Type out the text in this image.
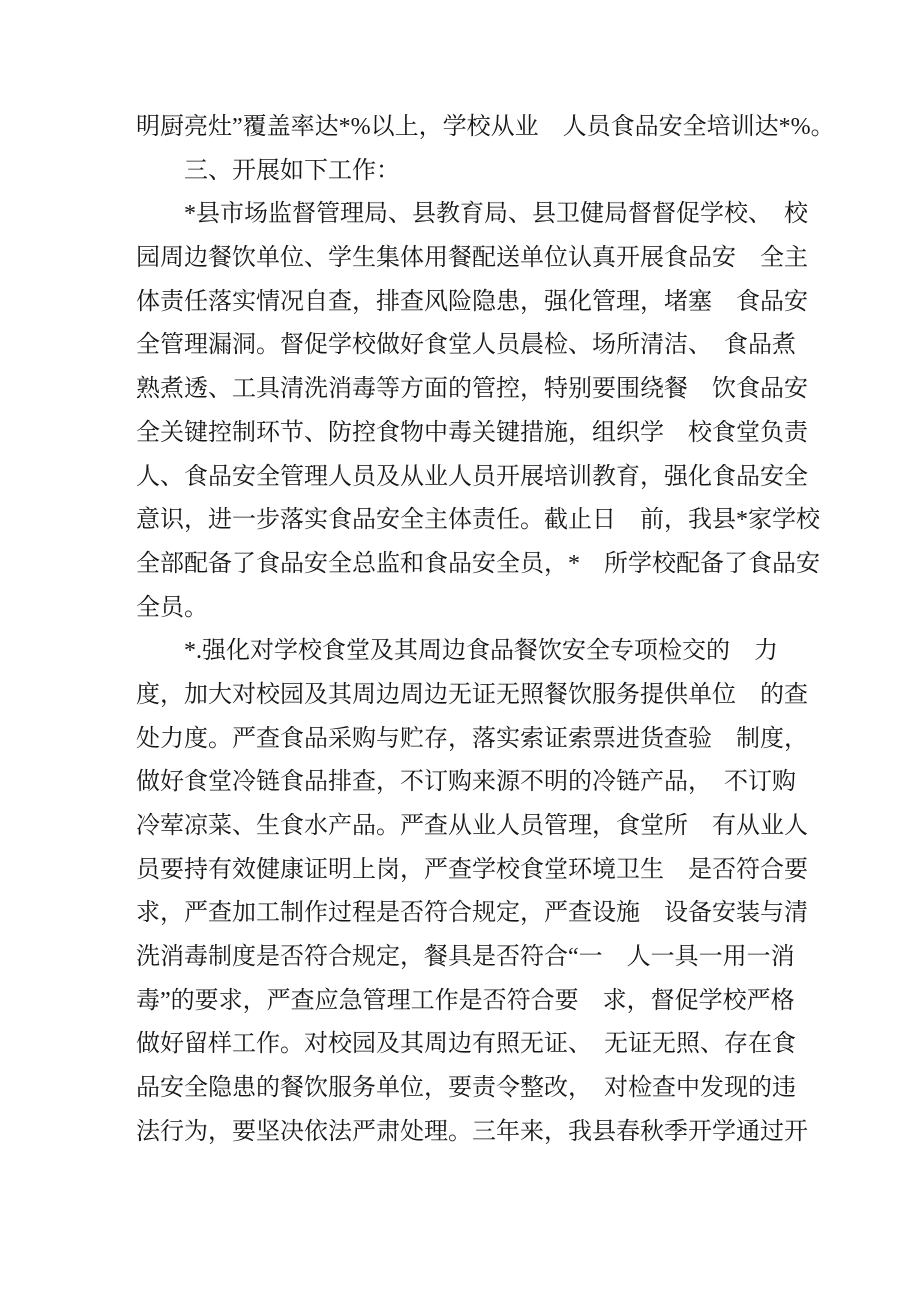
明厨亮灶”覆盖率达*%以上，学校从业　人员食品安全培训达*%。
　　三、开展如下工作：
　　*县市场监督管理局、县教育局、县卫健局督督促学校、　校
园周边餐饮单位、学生集体用餐配送单位认真开展食品安　全主
体责任落实情况自查，排查风险隐患，强化管理，堵塞　食品安
全管理漏洞。督促学校做好食堂人员晨检、场所清洁、　食品煮
熟煮透、工具清洗消毒等方面的管控，特别要围绕餐　饮食品安
全关键控制环节、防控食物中毒关键措施，组织学　校食堂负责
人、食品安全管理人员及从业人员开展培训教育，强化食品安全
意识，进一步落实食品安全主体责任。截止日　前，我县*家学校
全部配备了食品安全总监和食品安全员，*　所学校配备了食品安
全员。
　　*.强化对学校食堂及其周边食品餐饮安全专项检交的　力
度，加大对校园及其周边周边无证无照餐饮服务提供单位　的查
处力度。严查食品采购与贮存，落实索证索票进货查验　制度，
做好食堂冷链食品排查，不订购来源不明的冷链产品，　不订购
冷荤凉菜、生食水产品。严查从业人员管理，食堂所　有从业人
员要持有效健康证明上岗，严查学校食堂环境卫生　是否符合要
求，严查加工制作过程是否符合规定，严查设施　设备安装与清
洗消毒制度是否符合规定，餐具是否符合“一　人一具一用一消
毒”的要求，严查应急管理工作是否符合要　求，督促学校严格
做好留样工作。对校园及其周边有照无证、　无证无照、存在食
品安全隐患的餐饮服务单位，要责令整改，　对检查中发现的违
法行为，要坚决依法严肃处理。三年来，我县春秋季开学通过开
